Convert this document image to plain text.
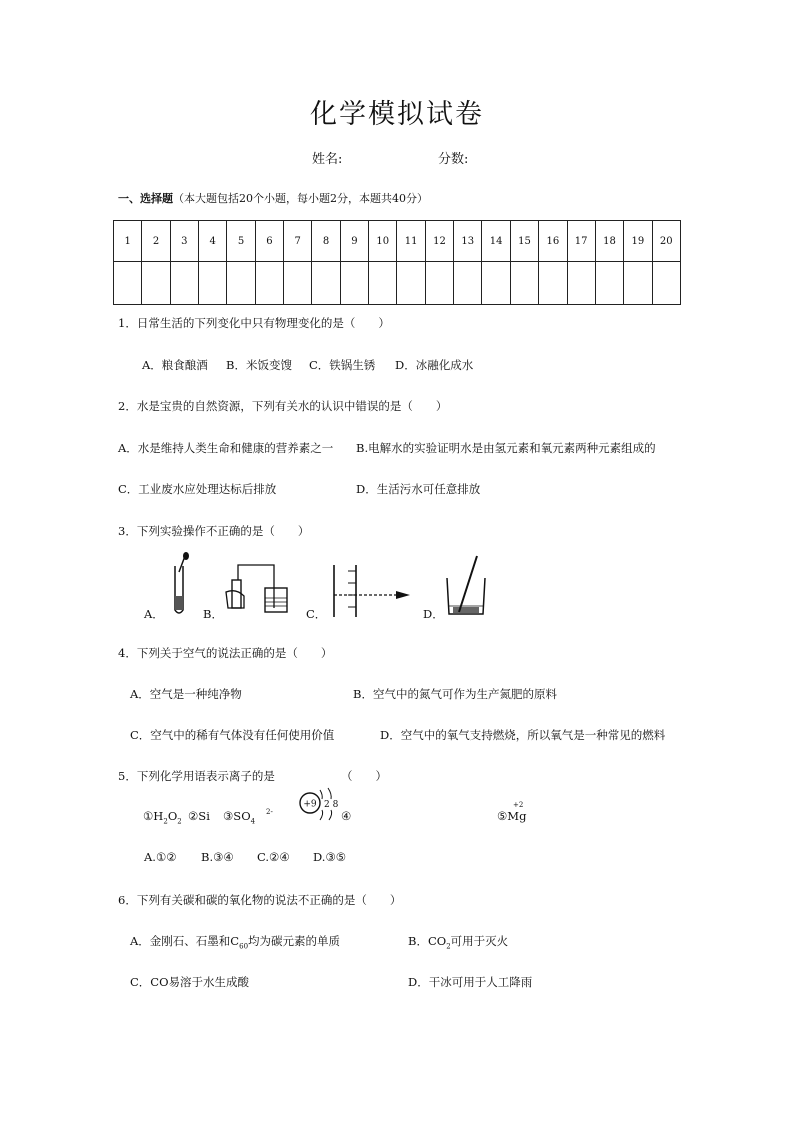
化学模拟试卷
姓名:	分数:
一、选择题（本大题包括20个小题，每小题2分，本题共40分）
1	2	3	4	5	6	7	8	9	10	11	12	13	14	15	16	17	18	19	20

1．日常生活的下列变化中只有物理变化的是（　　）
A．粮食酿酒 B．米饭变馊 C．铁锅生锈 D．冰融化成水
2．水是宝贵的自然资源，下列有关水的认识中错误的是（　　）
A．水是维持人类生命和健康的营养素之一 B.电解水的实验证明水是由氢元素和氧元素两种元素组成的
C．工业废水应处理达标后排放	D．生活污水可任意排放
3．下列实验操作不正确的是（　　）
A．	B．	C．	D．
4．下列关于空气的说法正确的是（　　）
A．空气是一种纯净物	B．空气中的氮气可作为生产氮肥的原料
C．空气中的稀有气体没有任何使用价值	D．空气中的氧气支持燃烧，所以氧气是一种常见的燃料
5．下列化学用语表示离子的是	（　　）
$①H_2O_2$ ②Si $③SO_4$
2-
+9 2 8
④
+2
⑤Mg
A.①② B.③④ C.②④ D.③⑤
6．下列有关碳和碳的氧化物的说法不正确的是（　　）
A．金刚石、石墨和$C_{60}$均为碳元素的单质	B．$CO_2$可用于灭火
C．CO易溶于水生成酸	D．干冰可用于人工降雨
